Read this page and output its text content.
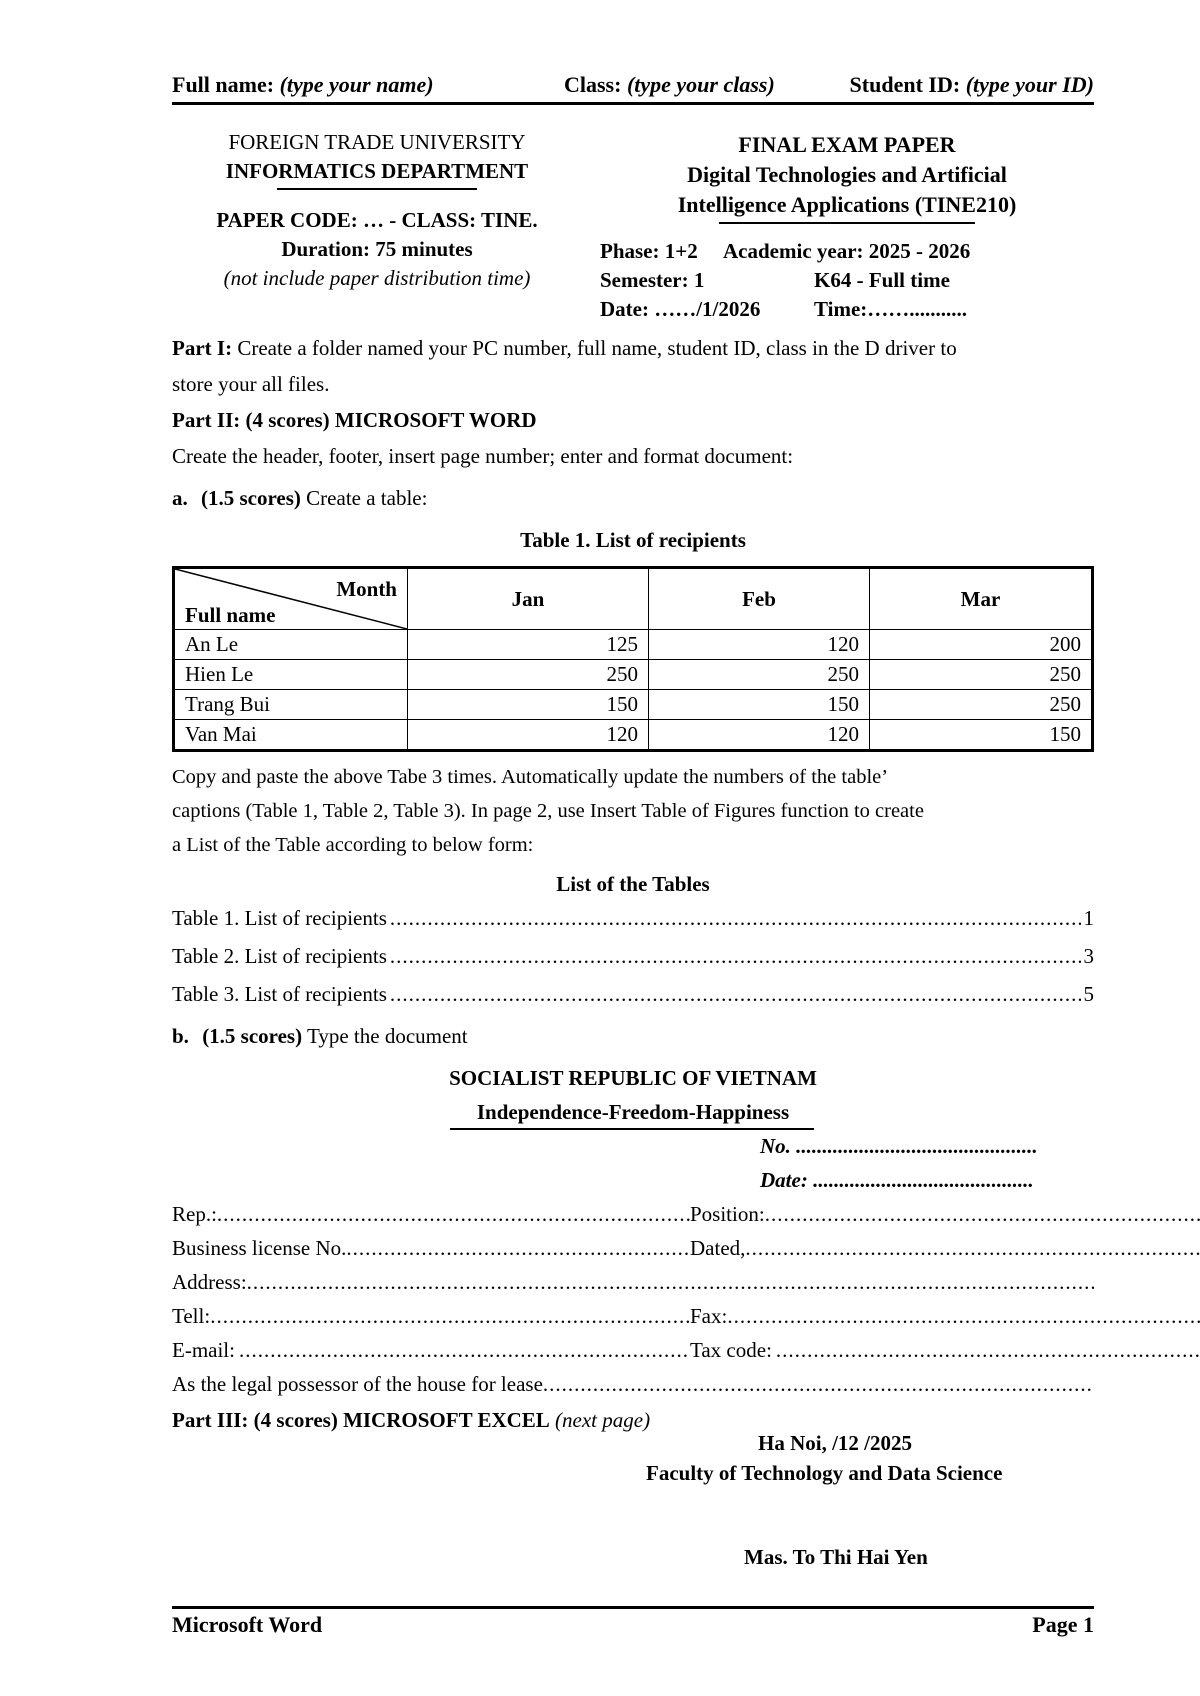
Full name: (type your name)	Class: (type your class)	Student ID: (type your ID)
FOREIGN TRADE UNIVERSITY
INFORMATICS DEPARTMENT
PAPER CODE: … - CLASS: TINE.
Duration: 75 minutes
(not include paper distribution time)
FINAL EXAM PAPER
Digital Technologies and Artificial
Intelligence Applications (TINE210)
Phase: 1+2 Academic year: 2025 - 2026
Semester: 1	K64 - Full time
Date: ……/1/2026	Time:……...........
Part I: Create a folder named your PC number, full name, student ID, class in the D driver to
store your all files.
Part II: (4 scores) MICROSOFT WORD
Create the header, footer, insert page number; enter and format document:
a. (1.5 scores) Create a table:
Table 1. List of recipients
Month
Full name	Jan	Feb	Mar
An Le	125	120	200
Hien Le	250	250	250
Trang Bui	150	150	250
Van Mai	120	120	150
Copy and paste the above Tabe 3 times. Automatically update the numbers of the table’
captions (Table 1, Table 2, Table 3). In page 2, use Insert Table of Figures function to create
a List of the Table according to below form:
List of the Tables
Table 1. List of recipients .....	1
Table 2. List of recipients .....	3
Table 3. List of recipients .....	5
b. (1.5 scores) Type the document
SOCIALIST REPUBLIC OF VIETNAM
Independence-Freedom-Happiness
No. ..............................................
Date: ..........................................
Rep.: .....	Position:
.....
Business license No. .....	Dated,
.....
Address:
.....
Tell: .....	Fax:
.....
E-mail: .....	Tax code:
.....
As the legal possessor of the house for lease
.....
Part III: (4 scores) MICROSOFT EXCEL (next page)
Ha Noi, /12 /2025
Faculty of Technology and Data Science
Mas. To Thi Hai Yen
Microsoft Word	Page 1
